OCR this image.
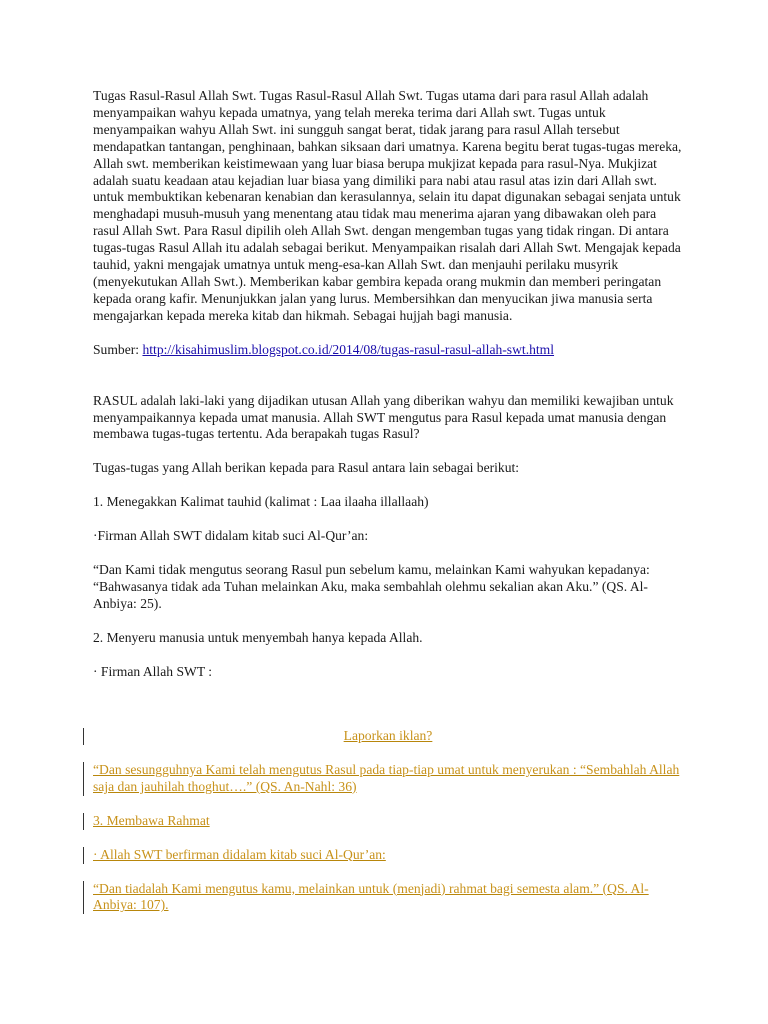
Tugas Rasul-Rasul Allah Swt. Tugas Rasul-Rasul Allah Swt. Tugas utama dari para rasul Allah adalah menyampaikan wahyu kepada umatnya, yang telah mereka terima dari Allah swt. Tugas untuk menyampaikan wahyu Allah Swt. ini sungguh sangat berat, tidak jarang para rasul Allah tersebut mendapatkan tantangan, penghinaan, bahkan siksaan dari umatnya. Karena begitu berat tugas-tugas mereka, Allah swt. memberikan keistimewaan yang luar biasa berupa mukjizat kepada para rasul-Nya. Mukjizat adalah suatu keadaan atau kejadian luar biasa yang dimiliki para nabi atau rasul atas izin dari Allah swt. untuk membuktikan kebenaran kenabian dan kerasulannya, selain itu dapat digunakan sebagai senjata untuk menghadapi musuh-musuh yang menentang atau tidak mau menerima ajaran yang dibawakan oleh para rasul Allah Swt. Para Rasul dipilih oleh Allah Swt. dengan mengemban tugas yang tidak ringan. Di antara tugas-tugas Rasul Allah itu adalah sebagai berikut. Menyampaikan risalah dari Allah Swt. Mengajak kepada tauhid, yakni mengajak umatnya untuk meng-esa-kan Allah Swt. dan menjauhi perilaku musyrik (menyekutukan Allah Swt.). Memberikan kabar gembira kepada orang mukmin dan memberi peringatan kepada orang kafir. Menunjukkan jalan yang lurus. Membersihkan dan menyucikan jiwa manusia serta mengajarkan kepada mereka kitab dan hikmah. Sebagai hujjah bagi manusia.

Sumber: http://kisahimuslim.blogspot.co.id/2014/08/tugas-rasul-rasul-allah-swt.html

RASUL adalah laki-laki yang dijadikan utusan Allah yang diberikan wahyu dan memiliki kewajiban untuk menyampaikannya kepada umat manusia. Allah SWT mengutus para Rasul kepada umat manusia dengan membawa tugas-tugas tertentu. Ada berapakah tugas Rasul?

Tugas-tugas yang Allah berikan kepada para Rasul antara lain sebagai berikut:

1. Menegakkan Kalimat tauhid (kalimat : Laa ilaaha illallaah)

·Firman Allah SWT didalam kitab suci Al-Qur’an:

“Dan Kami tidak mengutus seorang Rasul pun sebelum kamu, melainkan Kami wahyukan kepadanya: “Bahwasanya tidak ada Tuhan melainkan Aku, maka sembahlah olehmu sekalian akan Aku.” (QS. Al-Anbiya: 25).

2. Menyeru manusia untuk menyembah hanya kepada Allah.

· Firman Allah SWT :

Laporkan iklan?
“Dan sesungguhnya Kami telah mengutus Rasul pada tiap-tiap umat untuk menyerukan : “Sembahlah Allah saja dan jauhilah thoghut….” (QS. An-Nahl: 36)
3. Membawa Rahmat
· Allah SWT berfirman didalam kitab suci Al-Qur’an:
“Dan tiadalah Kami mengutus kamu, melainkan untuk (menjadi) rahmat bagi semesta alam.” (QS. Al-Anbiya: 107).
